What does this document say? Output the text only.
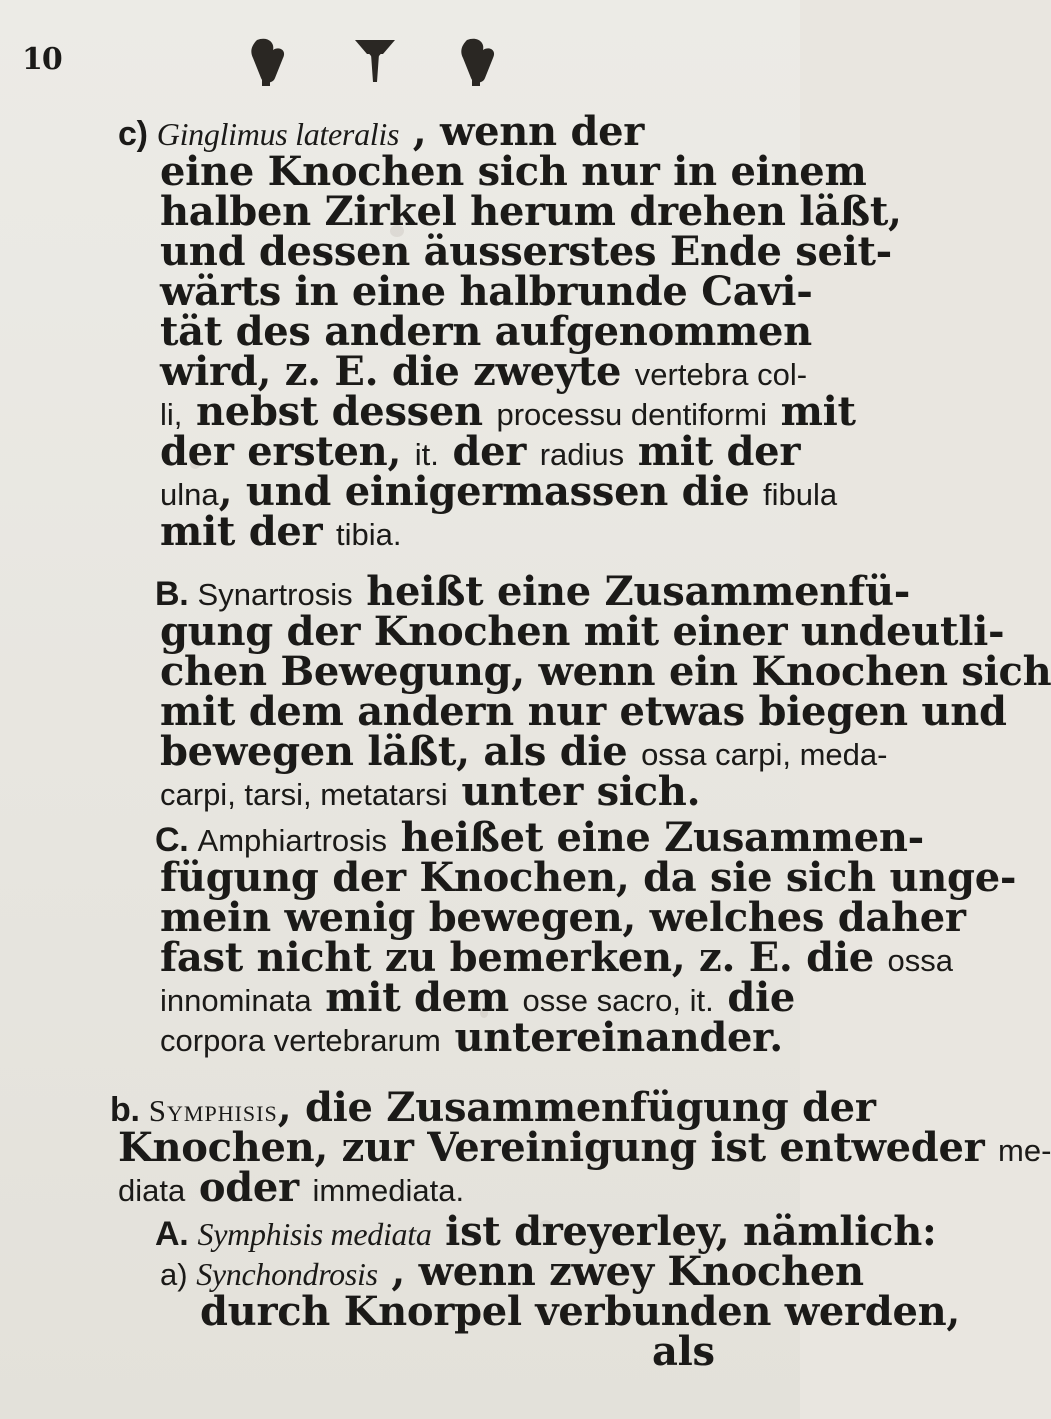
10
c) Ginglimus lateralis , wenn der
eine Knochen sich nur in einem
halben Zirkel herum drehen läßt,
und dessen äusserstes Ende seit-
wärts in eine halbrunde Cavi-
tät des andern aufgenommen
wird, z. E. die zweyte vertebra col-
li, nebst dessen processu dentiformi mit
der ersten, it. der radius mit der
ulna, und einigermassen die fibula
mit der tibia.
B. Synartrosis heißt eine Zusammenfü-
gung der Knochen mit einer undeutli-
chen Bewegung, wenn ein Knochen sich
mit dem andern nur etwas biegen und
bewegen läßt, als die ossa carpi, meda-
carpi, tarsi, metatarsi unter sich.
C. Amphiartrosis heißet eine Zusammen-
fügung der Knochen, da sie sich unge-
mein wenig bewegen, welches daher
fast nicht zu bemerken, z. E. die ossa
innominata mit dem osse sacro, it. die
corpora vertebrarum untereinander.
b. Symphisis, die Zusammenfügung der
Knochen, zur Vereinigung ist entweder me-
diata oder immediata.
A. Symphisis mediata ist dreyerley, nämlich:
a) Synchondrosis , wenn zwey Knochen
durch Knorpel verbunden werden,
als
